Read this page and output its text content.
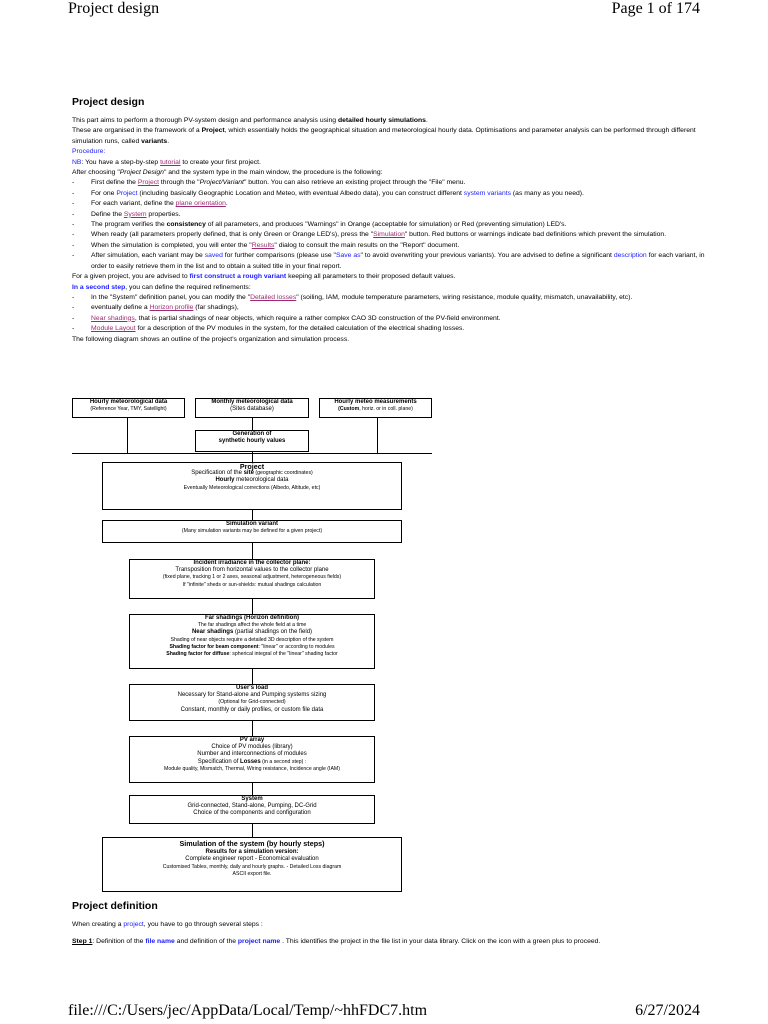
Project design	Page 1 of 174
Project design

This part aims to perform a thorough PV-system design and performance analysis using detailed hourly simulations.

These are organised in the framework of a Project, which essentially holds the geographical situation and meteorological hourly data. Optimisations and parameter analysis can be performed through different simulation runs, called variants.

Procedure:

NB: You have a step-by-step tutorial to create your first project.

After choosing "Project Design" and the system type in the main window, the procedure is the following:

-	First define the Project through the "Project/Variant" button. You can also retrieve an existing project through the "File" menu.
-	For one Project (including basically Geographic Location and Meteo, with eventual Albedo data), you can construct different system variants (as many as you need).
-	For each variant, define the plane orientation.
-	Define the System properties.
-	The program verifies the consistency of all parameters, and produces "Warnings" in Orange (acceptable for simulation) or Red (preventing simulation) LED's.
-	When ready (all parameters properly defined, that is only Green or Orange LED's), press the "Simulation" button. Red buttons or warnings indicate bad definitions which prevent the simulation.
-	When the simulation is completed, you will enter the "Results" dialog to consult the main results on the "Report" document.
-	After simulation, each variant may be saved for further comparisons (please use "Save as" to avoid overwriting your previous variants). You are advised to define a significant description for each variant, in order to easily retrieve them in the list and to obtain a suited title in your final report.

For a given project, you are advised to first construct a rough variant keeping all parameters to their proposed default values.

In a second step, you can define the required refinements:

-	In the "System" definition panel, you can modify the "Detailed losses" (soiling, IAM, module temperature parameters, wiring resistance, module quality, mismatch, unavailability, etc).
-	eventually define a Horizon profile (far shadings),
-	Near shadings, that is partial shadings of near objects, which require a rather complex CAO 3D construction of the PV-field environment.
-	Module Layout for a description of the PV modules in the system, for the detailed calculation of the electrical shading losses.

The following diagram shows an outline of the project's organization and simulation process.

Hourly meteorological data
(Reference Year, TMY, Satellight)
Monthly meteorological data
(Sites database)
Hourly meteo measurements
(Custom, horiz. or in coll. plane)
Generation of
synthetic hourly values
Project
Specification of the site (geographic coordinates)
Hourly meteorological data
Eventually Meteorological corrections (Albedo, Altitude, etc)
Simulation variant
(Many simulation variants may be defined for a given project)
Incident irradiance in the collector plane:
Transposition from horizontal values to the collector plane
(fixed plane, tracking 1 or 2 axes, seasonal adjustment, heterogeneous fields)
If "infinite" sheds or sun-shields: mutual shadings calculation
Far shadings (Horizon definition)
The far shadings affect the whole field at a time
Near shadings (partial shadings on the field)
Shading of near objects require a detailed 3D description of the system
Shading factor for beam component: "linear" or according to modules
Shading factor for diffuse: spherical integral of the "linear" shading factor
User's load
Necessary for Stand-alone and Pumping systems sizing
(Optional for Grid-connected)
Constant, monthly or daily profiles, or custom file data
PV array
Choice of PV modules (library)
Number and interconnections of modules
Specification of Losses (in a second step) :
Module quality, Mismatch, Thermal, Wiring resistance, Incidence angle (IAM)
System
Grid-connected, Stand-alone, Pumping, DC-Grid
Choice of the components and configuration
Simulation of the system (by hourly steps)
Results for a simulation version:
Complete engineer report - Economical evaluation
Customised Tables, monthly, daily and hourly graphs. - Detailed Loss diagram
ASCII export file.
Project definition

When creating a project, you have to go through several steps :

Step 1: Definition of the file name and definition of the project name . This identifies the project in the file list in your data library. Click on the icon with a green plus to proceed.

file:///C:/Users/jec/AppData/Local/Temp/~hhFDC7.htm	6/27/2024
